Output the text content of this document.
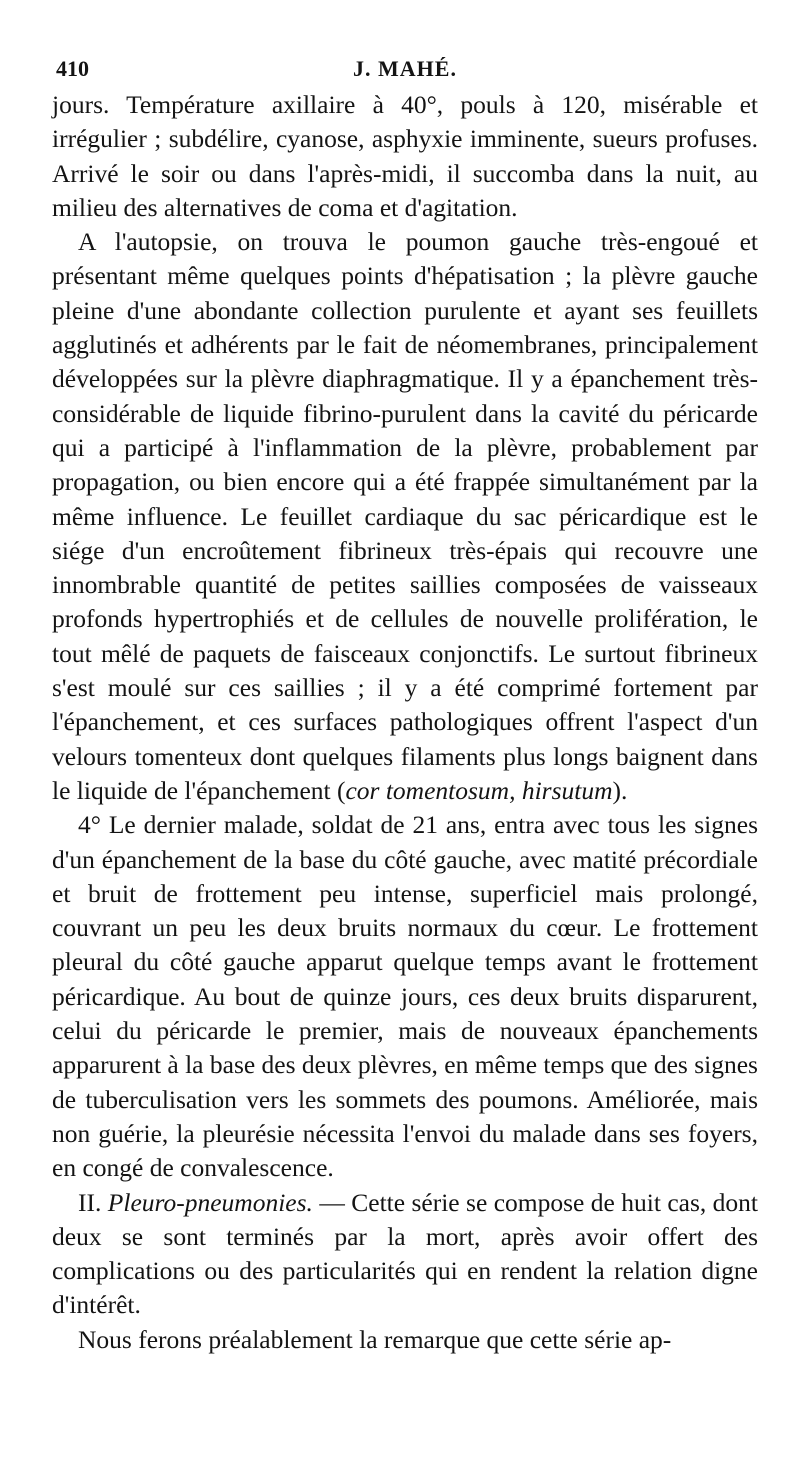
410	J. MAHÉ.

jours. Température axillaire à 40°, pouls à 120, misérable et irrégulier ; subdélire, cyanose, asphyxie imminente, sueurs profuses. Arrivé le soir ou dans l'après-midi, il succomba dans la nuit, au milieu des alternatives de coma et d'agitation.

A l'autopsie, on trouva le poumon gauche très-engoué et présentant même quelques points d'hépatisation ; la plèvre gauche pleine d'une abondante collection purulente et ayant ses feuillets agglutinés et adhérents par le fait de néomembranes, principalement développées sur la plèvre diaphragmatique. Il y a épanchement très-considérable de liquide fibrino-purulent dans la cavité du péricarde qui a participé à l'inflammation de la plèvre, probablement par propagation, ou bien encore qui a été frappée simultanément par la même influence. Le feuillet cardiaque du sac péricardique est le siége d'un encroûtement fibrineux très-épais qui recouvre une innombrable quantité de petites saillies composées de vaisseaux profonds hypertrophiés et de cellules de nouvelle prolifération, le tout mêlé de paquets de faisceaux conjonctifs. Le surtout fibrineux s'est moulé sur ces saillies ; il y a été comprimé fortement par l'épanchement, et ces surfaces pathologiques offrent l'aspect d'un velours tomenteux dont quelques filaments plus longs baignent dans le liquide de l'épanchement (cor tomentosum, hirsutum).

4° Le dernier malade, soldat de 21 ans, entra avec tous les signes d'un épanchement de la base du côté gauche, avec matité précordiale et bruit de frottement peu intense, superficiel mais prolongé, couvrant un peu les deux bruits normaux du cœur. Le frottement pleural du côté gauche apparut quelque temps avant le frottement péricardique. Au bout de quinze jours, ces deux bruits disparurent, celui du péricarde le premier, mais de nouveaux épanchements apparurent à la base des deux plèvres, en même temps que des signes de tuberculisation vers les sommets des poumons. Améliorée, mais non guérie, la pleurésie nécessita l'envoi du malade dans ses foyers, en congé de convalescence.

II. Pleuro-pneumonies. — Cette série se compose de huit cas, dont deux se sont terminés par la mort, après avoir offert des complications ou des particularités qui en rendent la relation digne d'intérêt.

Nous ferons préalablement la remarque que cette série ap-
